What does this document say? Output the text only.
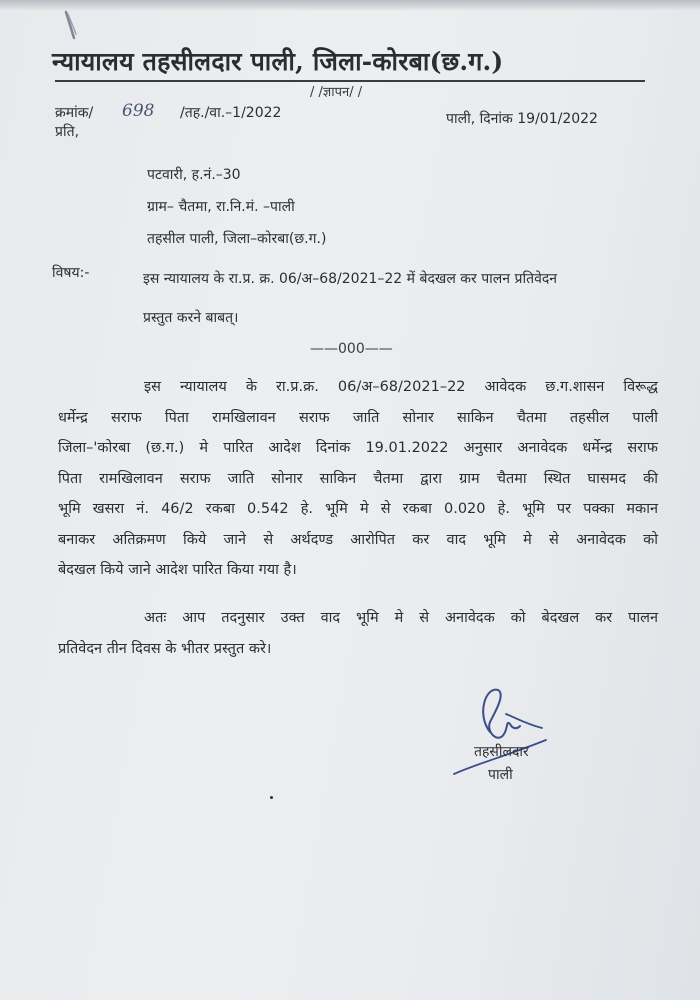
न्यायालय तहसीलदार पाली, जिला-कोरबा(छ.ग.)
/ /ज्ञापन/ /
क्रमांक/ 698 /तह./वा.–1/2022	पाली, दिनांक 19/01/2022
प्रति,
पटवारी, ह.नं.–30
ग्राम– चैतमा, रा.नि.मं. –पाली
तहसील पाली, जिला–कोरबा(छ.ग.)
विषय:-	इस न्यायालय के रा.प्र. क्र. 06/अ–68/2021–22 में बेदखल कर पालन प्रतिवेदन
प्रस्तुत करने बाबत्।
——000——
इस न्यायालय के रा.प्र.क्र. 06/अ–68/2021–22 आवेदक छ.ग.शासन विरूद्ध
धर्मेन्द्र सराफ पिता रामखिलावन सराफ जाति सोनार साकिन चैतमा तहसील पाली
जिला–'कोरबा (छ.ग.) मे पारित आदेश दिनांक 19.01.2022 अनुसार अनावेदक धर्मेन्द्र सराफ
पिता रामखिलावन सराफ जाति सोनार साकिन चैतमा द्वारा ग्राम चैतमा स्थित घासमद की
भूमि खसरा नं. 46/2 रकबा 0.542 हे. भूमि मे से रकबा 0.020 हे. भूमि पर पक्का मकान
बनाकर अतिक्रमण किये जाने से अर्थदण्ड आरोपित कर वाद भूमि मे से अनावेदक को
बेदखल किये जाने आदेश पारित किया गया है।
अतः आप तदनुसार उक्त वाद भूमि मे से अनावेदक को बेदखल कर पालन
प्रतिवेदन तीन दिवस के भीतर प्रस्तुत करे।
तहसीलदार
पाली
